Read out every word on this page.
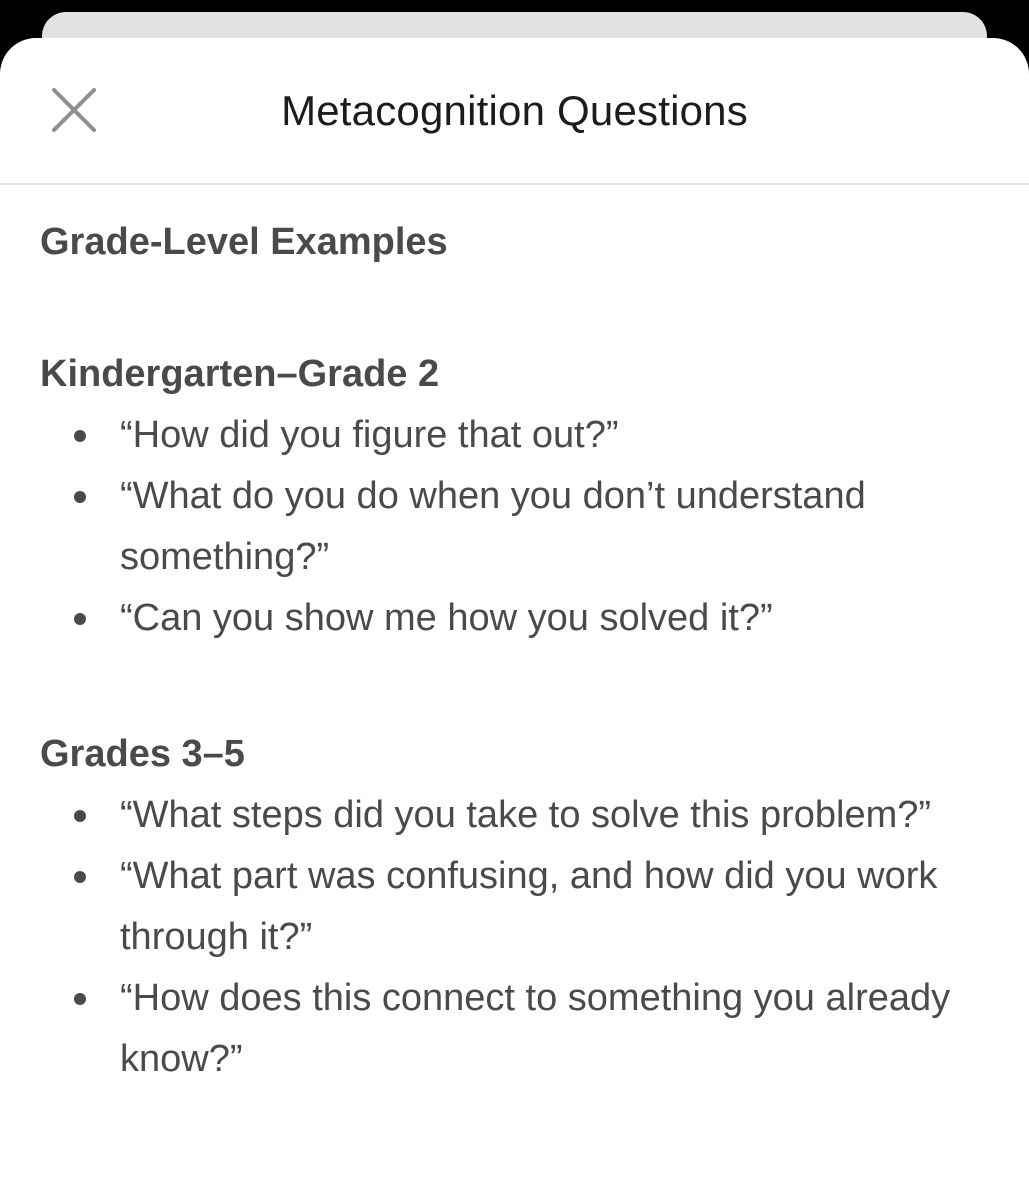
Metacognition Questions
Grade-Level Examples
Kindergarten–Grade 2
“How did you figure that out?”
“What do you do when you don’t understand something?”
“Can you show me how you solved it?”
Grades 3–5
“What steps did you take to solve this problem?”
“What part was confusing, and how did you work through it?”
“How does this connect to something you already know?”
